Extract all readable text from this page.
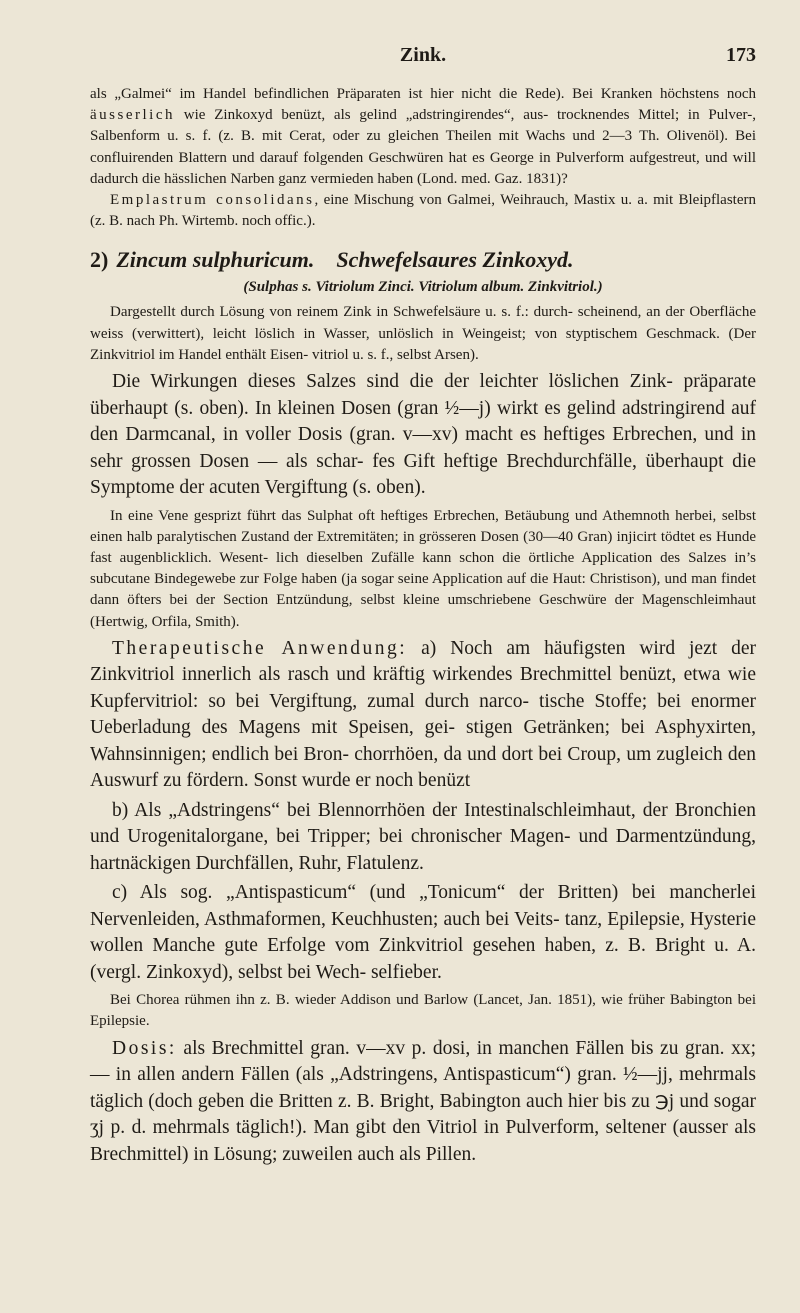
Zink.	173

als „Galmei“ im Handel befindlichen Präparaten ist hier nicht die Rede). Bei Kranken höchstens noch äusserlich wie Zinkoxyd benüzt, als gelind „adstringirendes“, aus- trocknendes Mittel; in Pulver-, Salbenform u. s. f. (z. B. mit Cerat, oder zu gleichen Theilen mit Wachs und 2—3 Th. Olivenöl). Bei confluirenden Blattern und darauf folgenden Geschwüren hat es George in Pulverform aufgestreut, und will dadurch die hässlichen Narben ganz vermieden haben (Lond. med. Gaz. 1831)?

Emplastrum consolidans, eine Mischung von Galmei, Weihrauch, Mastix u. a. mit Bleipflastern (z. B. nach Ph. Wirtemb. noch offic.).

2) Zincum sulphuricum. Schwefelsaures Zinkoxyd.
(Sulphas s. Vitriolum Zinci. Vitriolum album. Zinkvitriol.)

Dargestellt durch Lösung von reinem Zink in Schwefelsäure u. s. f.: durch- scheinend, an der Oberfläche weiss (verwittert), leicht löslich in Wasser, unlöslich in Weingeist; von styptischem Geschmack. (Der Zinkvitriol im Handel enthält Eisen- vitriol u. s. f., selbst Arsen).

Die Wirkungen dieses Salzes sind die der leichter löslichen Zink- präparate überhaupt (s. oben). In kleinen Dosen (gran ½—j) wirkt es gelind adstringirend auf den Darmcanal, in voller Dosis (gran. v—xv) macht es heftiges Erbrechen, und in sehr grossen Dosen — als schar- fes Gift heftige Brechdurchfälle, überhaupt die Symptome der acuten Vergiftung (s. oben).

In eine Vene gesprizt führt das Sulphat oft heftiges Erbrechen, Betäubung und Athemnoth herbei, selbst einen halb paralytischen Zustand der Extremitäten; in grösseren Dosen (30—40 Gran) injicirt tödtet es Hunde fast augenblicklich. Wesent- lich dieselben Zufälle kann schon die örtliche Application des Salzes in’s subcutane Bindegewebe zur Folge haben (ja sogar seine Application auf die Haut: Christison), und man findet dann öfters bei der Section Entzündung, selbst kleine umschriebene Geschwüre der Magenschleimhaut (Hertwig, Orfila, Smith).

Therapeutische Anwendung: a) Noch am häufigsten wird jezt der Zinkvitriol innerlich als rasch und kräftig wirkendes Brechmittel benüzt, etwa wie Kupfervitriol: so bei Vergiftung, zumal durch narco- tische Stoffe; bei enormer Ueberladung des Magens mit Speisen, gei- stigen Getränken; bei Asphyxirten, Wahnsinnigen; endlich bei Bron- chorrhöen, da und dort bei Croup, um zugleich den Auswurf zu fördern. Sonst wurde er noch benüzt

b) Als „Adstringens“ bei Blennorrhöen der Intestinalschleimhaut, der Bronchien und Urogenitalorgane, bei Tripper; bei chronischer Magen- und Darmentzündung, hartnäckigen Durchfällen, Ruhr, Flatulenz.

c) Als sog. „Antispasticum“ (und „Tonicum“ der Britten) bei mancherlei Nervenleiden, Asthmaformen, Keuchhusten; auch bei Veits- tanz, Epilepsie, Hysterie wollen Manche gute Erfolge vom Zinkvitriol gesehen haben, z. B. Bright u. A. (vergl. Zinkoxyd), selbst bei Wech- selfieber.

Bei Chorea rühmen ihn z. B. wieder Addison und Barlow (Lancet, Jan. 1851), wie früher Babington bei Epilepsie.

Dosis: als Brechmittel gran. v—xv p. dosi, in manchen Fällen bis zu gran. xx; — in allen andern Fällen (als „Adstringens, Antispasticum“) gran. ½—jj, mehrmals täglich (doch geben die Britten z. B. Bright, Babington auch hier bis zu ℈j und sogar ʒj p. d. mehrmals täglich!). Man gibt den Vitriol in Pulverform, seltener (ausser als Brechmittel) in Lösung; zuweilen auch als Pillen.
